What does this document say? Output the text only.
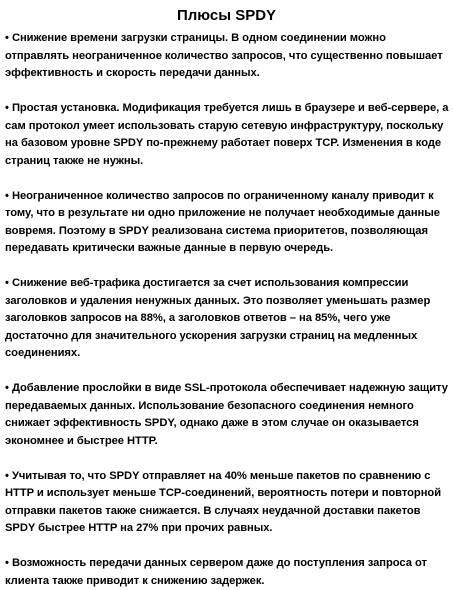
Плюсы SPDY

• Снижение времени загрузки страницы. В одном соединении можно отправлять неограниченное количество запросов, что существенно повышает эффективность и скорость передачи данных.

• Простая установка. Модификация требуется лишь в браузере и веб-сервере, а сам протокол умеет использовать старую сетевую инфраструктуру, поскольку на базовом уровне SPDY по-прежнему работает поверх TCP. Изменения в коде страниц также не нужны.

• Неограниченное количество запросов по ограниченному каналу приводит к тому, что в результате ни одно приложение не получает необходимые данные вовремя. Поэтому в SPDY реализована система приоритетов, позволяющая передавать критически важные данные в первую очередь.

• Снижение веб-трафика достигается за счет использования компрессии заголовков и удаления ненужных данных. Это позволяет уменьшать размер заголовков запросов на 88%, а заголовков ответов – на 85%, чего уже достаточно для значительного ускорения загрузки страниц на медленных соединениях.

• Добавление прослойки в виде SSL-протокола обеспечивает надежную защиту передаваемых данных. Использование безопасного соединения немного снижает эффективность SPDY, однако даже в этом случае он оказывается экономнее и быстрее HTTP.

• Учитывая то, что SPDY отправляет на 40% меньше пакетов по сравнению с HTTP и использует меньше TCP-соединений, вероятность потери и повторной отправки пакетов также снижается. В случаях неудачной доставки пакетов SPDY быстрее HTTP на 27% при прочих равных.

• Возможность передачи данных сервером даже до поступления запроса от клиента также приводит к снижению задержек.
